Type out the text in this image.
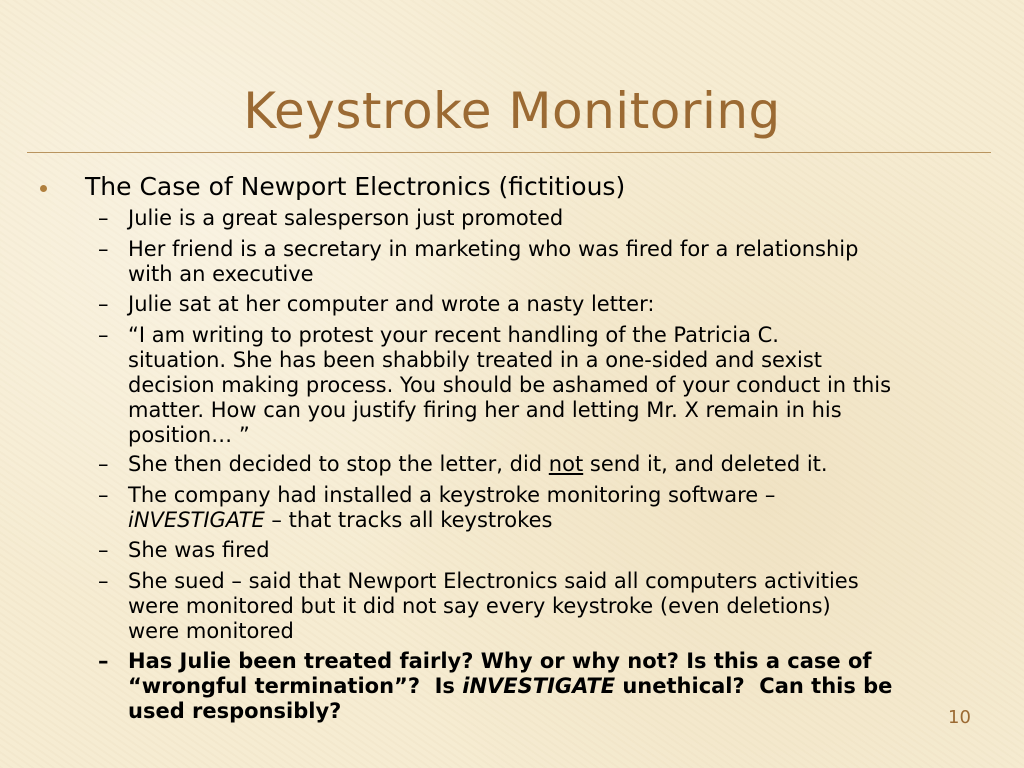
Keystroke Monitoring
The Case of Newport Electronics (fictitious)
– Julie is a great salesperson just promoted
– Her friend is a secretary in marketing who was fired for a relationship
with an executive
– Julie sat at her computer and wrote a nasty letter:
– “I am writing to protest your recent handling of the Patricia C.
situation. She has been shabbily treated in a one-sided and sexist
decision making process. You should be ashamed of your conduct in this
matter. How can you justify firing her and letting Mr. X remain in his
position… ”
– She then decided to stop the letter, did not send it, and deleted it.
– The company had installed a keystroke monitoring software –
iNVESTIGATE – that tracks all keystrokes
– She was fired
– She sued – said that Newport Electronics said all computers activities
were monitored but it did not say every keystroke (even deletions)
were monitored
– Has Julie been treated fairly? Why or why not? Is this a case of
“wrongful termination”?  Is iNVESTIGATE unethical?  Can this be
used responsibly?	10
